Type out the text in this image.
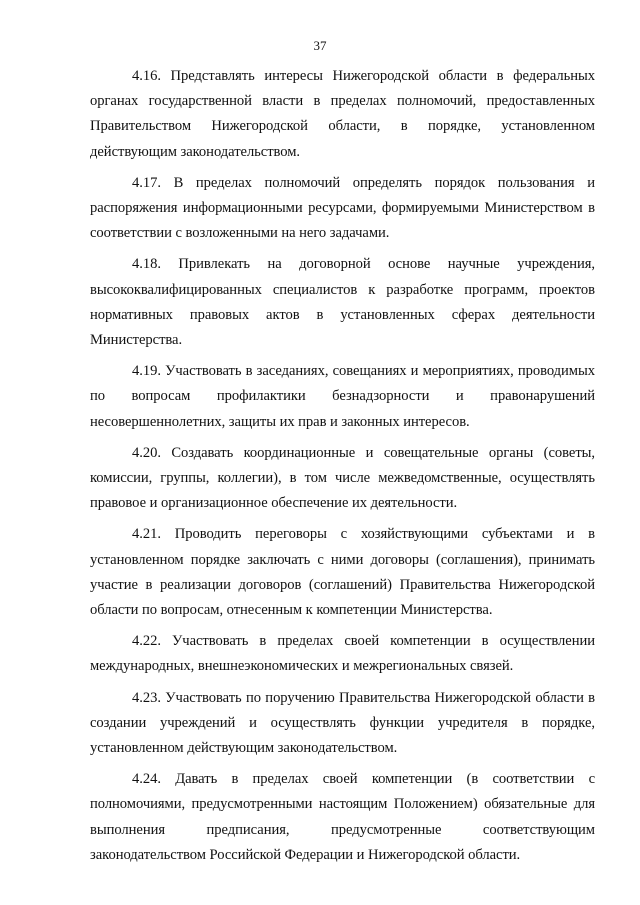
37

4.16. Представлять интересы Нижегородской области в федеральных органах государственной власти в пределах полномочий, предоставленных Правительством Нижегородской области, в порядке, установленном действующим законодательством.

4.17. В пределах полномочий определять порядок пользования и распоряжения информационными ресурсами, формируемыми Министерством в соответствии с возложенными на него задачами.

4.18. Привлекать на договорной основе научные учреждения, высококвалифицированных специалистов к разработке программ, проектов нормативных правовых актов в установленных сферах деятельности Министерства.

4.19. Участвовать в заседаниях, совещаниях и мероприятиях, проводимых по вопросам профилактики безнадзорности и правонарушений несовершеннолетних, защиты их прав и законных интересов.

4.20. Создавать координационные и совещательные органы (советы, комиссии, группы, коллегии), в том числе межведомственные, осуществлять правовое и организационное обеспечение их деятельности.

4.21. Проводить переговоры с хозяйствующими субъектами и в установленном порядке заключать с ними договоры (соглашения), принимать участие в реализации договоров (соглашений) Правительства Нижегородской области по вопросам, отнесенным к компетенции Министерства.

4.22. Участвовать в пределах своей компетенции в осуществлении международных, внешнеэкономических и межрегиональных связей.

4.23. Участвовать по поручению Правительства Нижегородской области в создании учреждений и осуществлять функции учредителя в порядке, установленном действующим законодательством.

4.24. Давать в пределах своей компетенции (в соответствии с полномочиями, предусмотренными настоящим Положением) обязательные для выполнения предписания, предусмотренные соответствующим законодательством Российской Федерации и Нижегородской области.
